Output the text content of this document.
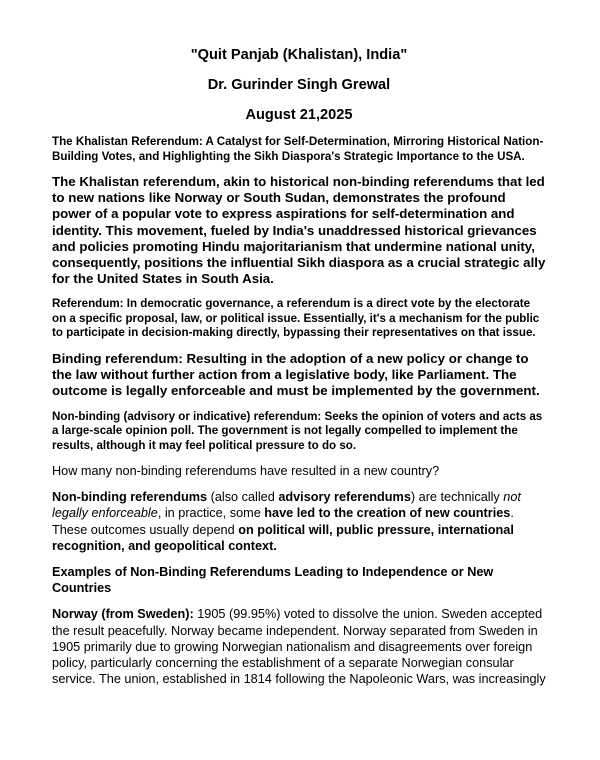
"Quit Panjab (Khalistan), India"

Dr. Gurinder Singh Grewal

August 21,2025

The Khalistan Referendum: A Catalyst for Self-Determination, Mirroring Historical Nation-Building Votes, and Highlighting the Sikh Diaspora's Strategic Importance to the USA.

The Khalistan referendum, akin to historical non-binding referendums that led to new nations like Norway or South Sudan, demonstrates the profound power of a popular vote to express aspirations for self-determination and identity. This movement, fueled by India's unaddressed historical grievances and policies promoting Hindu majoritarianism that undermine national unity, consequently, positions the influential Sikh diaspora as a crucial strategic ally for the United States in South Asia.

Referendum: In democratic governance, a referendum is a direct vote by the electorate on a specific proposal, law, or political issue. Essentially, it's a mechanism for the public to participate in decision-making directly, bypassing their representatives on that issue.

Binding referendum: Resulting in the adoption of a new policy or change to the law without further action from a legislative body, like Parliament. The outcome is legally enforceable and must be implemented by the government.

Non-binding (advisory or indicative) referendum: Seeks the opinion of voters and acts as a large-scale opinion poll. The government is not legally compelled to implement the results, although it may feel political pressure to do so.

How many non-binding referendums have resulted in a new country?

Non-binding referendums (also called advisory referendums) are technically not legally enforceable, in practice, some have led to the creation of new countries. These outcomes usually depend on political will, public pressure, international recognition, and geopolitical context.

Examples of Non-Binding Referendums Leading to Independence or New Countries

Norway (from Sweden): 1905 (99.95%) voted to dissolve the union. Sweden accepted the result peacefully. Norway became independent. Norway separated from Sweden in 1905 primarily due to growing Norwegian nationalism and disagreements over foreign policy, particularly concerning the establishment of a separate Norwegian consular service. The union, established in 1814 following the Napoleonic Wars, was increasingly
